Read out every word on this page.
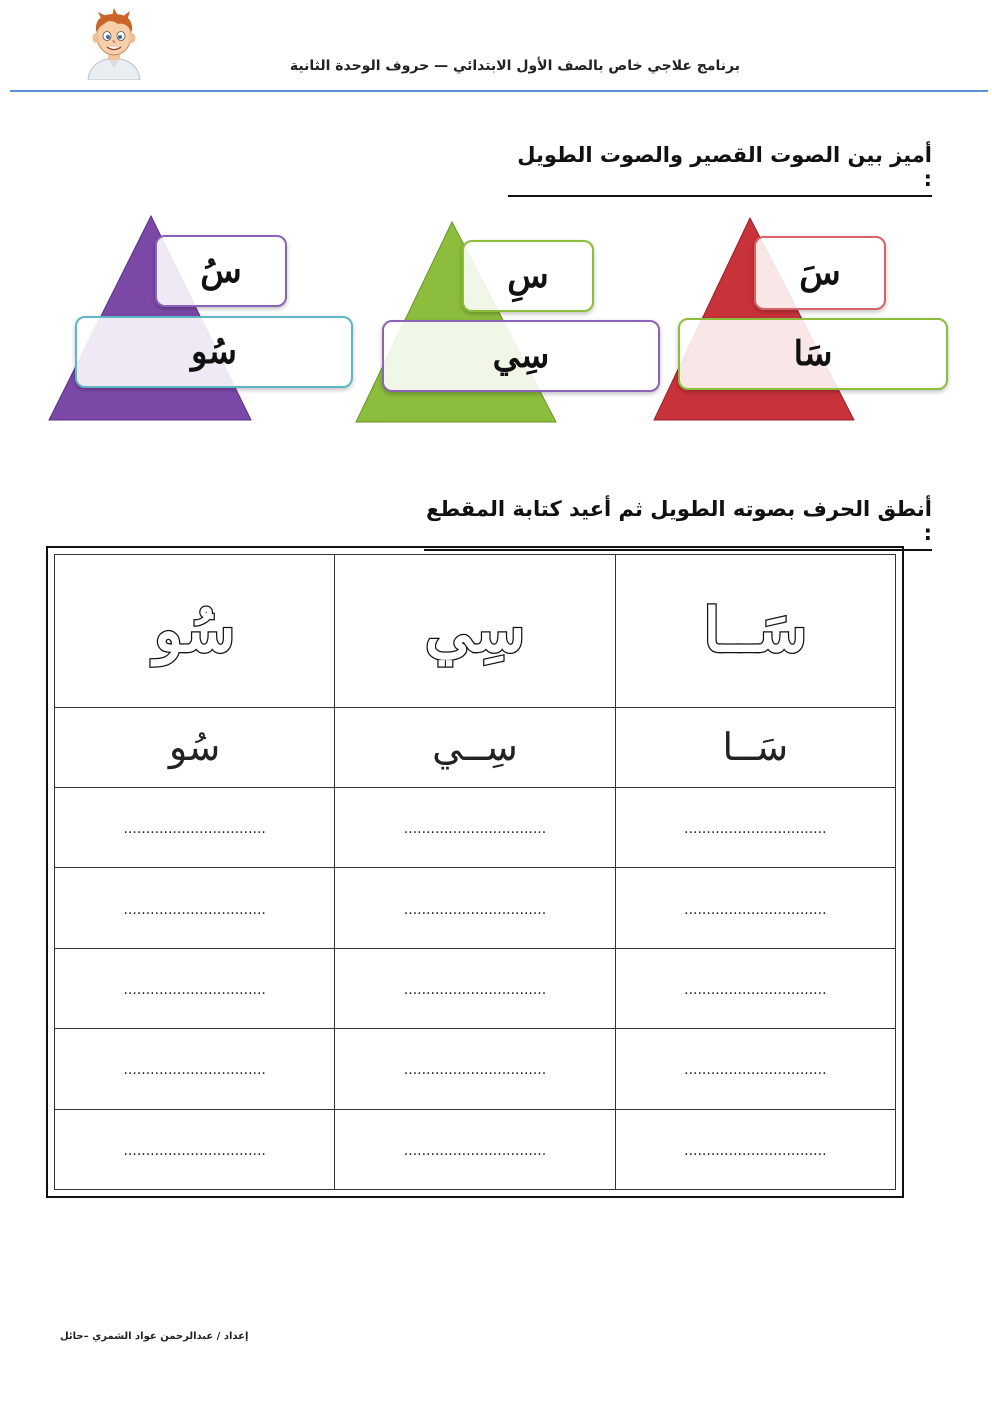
برنامج علاجي خاص بالصف الأول الابتدائي — حروف الوحدة الثانية
أميز بين الصوت القصير والصوت الطويل :
سَ
سَا
سِ
سِي
سُ
سُو
أنطق الحرف بصوته الطويل ثم أعيد كتابة المقطع :
سَــا	سِي	سُو
سَــا	سِــي	سُو
................................	................................	................................
................................	................................	................................
................................	................................	................................
................................	................................	................................
................................	................................	................................
إعداد / عبدالرحمن عواد الشمري –حائل
